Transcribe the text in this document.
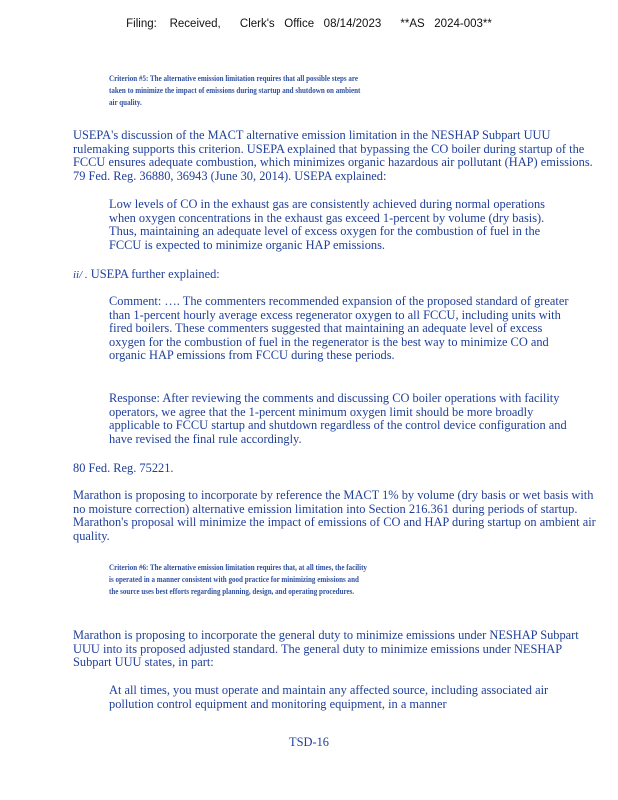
Filing:    Received,      Clerk's   Office   08/14/2023      **AS   2024-003**
Criterion #5: The alternative emission limitation requires that all possible steps are taken to minimize the impact of emissions during startup and shutdown on ambient air quality.

USEPA's discussion of the MACT alternative emission limitation in the NESHAP Subpart UUU rulemaking supports this criterion. USEPA explained that bypassing the CO boiler during startup of the FCCU ensures adequate combustion, which minimizes organic hazardous air pollutant (HAP) emissions. 79 Fed. Reg. 36880, 36943 (June 30, 2014). USEPA explained:

Low levels of CO in the exhaust gas are consistently achieved during normal operations when oxygen concentrations in the exhaust gas exceed 1-percent by volume (dry basis). Thus, maintaining an adequate level of excess oxygen for the combustion of fuel in the FCCU is expected to minimize organic HAP emissions.

ii/ . USEPA further explained:

Comment: …. The commenters recommended expansion of the proposed standard of greater than 1-percent hourly average excess regenerator oxygen to all FCCU, including units with fired boilers. These commenters suggested that maintaining an adequate level of excess oxygen for the combustion of fuel in the regenerator is the best way to minimize CO and organic HAP emissions from FCCU during these periods.

Response: After reviewing the comments and discussing CO boiler operations with facility operators, we agree that the 1-percent minimum oxygen limit should be more broadly applicable to FCCU startup and shutdown regardless of the control device configuration and have revised the final rule accordingly.

80 Fed. Reg. 75221.

Marathon is proposing to incorporate by reference the MACT 1% by volume (dry basis or wet basis with no moisture correction) alternative emission limitation into Section 216.361 during periods of startup. Marathon's proposal will minimize the impact of emissions of CO and HAP during startup on ambient air quality.

Criterion #6: The alternative emission limitation requires that, at all times, the facility is operated in a manner consistent with good practice for minimizing emissions and the source uses best efforts regarding planning, design, and operating procedures.

Marathon is proposing to incorporate the general duty to minimize emissions under NESHAP Subpart UUU into its proposed adjusted standard. The general duty to minimize emissions under NESHAP Subpart UUU states, in part:

At all times, you must operate and maintain any affected source, including associated air pollution control equipment and monitoring equipment, in a manner

TSD-16
